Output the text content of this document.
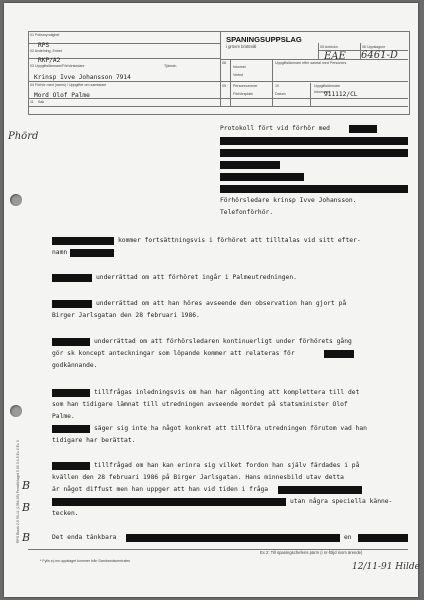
01 Polismyndighet
RPS
02 Avdelning, Enhet
RKP/A2
03 Uppgiftslämnare/Förhörsledare	Tjänste-
Krinsp Ivve Johansson 7914
04 Förhör med (namn) / Uppgifter om samtalare
Mord Olof Palme
SPANINGSUPPSLAG
i grövre brottmål	05 Anteckn	06 Uppslagsnr
EAE 6461-D
08
Inkomst
Verkst
Uppgiftslämnare efter samtal med Personers
09 Personnummer	10	Uppgiftslämnare
Förhörsplats	Datum	Inkommet
911112/CL
11 Sak
Phörd
Protokoll fört vid förhör med
Förhörsledare krinsp Ivve Johansson.
Telefonförhör.
kommer fortsättningsvis i förhöret att tilltalas vid sitt efter-
namn
underrättad om att förhöret ingår i Palmeutredningen.
underrättad om att han höres avseende den observation han gjort på
Birger Jarlsgatan den 28 februari 1986.
underrättad om att förhörsledaren kontinuerligt under förhörets gång
gör sk koncept anteckningar som löpande kommer att relateras för
godkännande.
tillfrågas inledningsvis om han har någonting att komplettera till det
som han tidigare lämnat till utredningen avseende mordet på statsminister Olof
Palme.
säger sig inte ha något konkret att tillföra utredningen förutom vad han
tidigare har berättat.
tillfrågad om han kan erinra sig vilket fordon han själv färdades i på
kvällen den 28 februari 1986 på Birger Jarlsgatan. Hans minnesbild utav detta
är något diffust men han uppger att han vid tiden i fråga
utan några speciella känne-
tecken.
Det enda tänkbara	en
B
B
B
* Fylls ej om uppslaget kommer från Sambandscentralen
Ex 2: Till spaningschefens pärm (i nr-följd inom ärende)
12/11-91 Hilde
RPS Blank 2-5 90-11 (1984-09) Fenixförlaget 5 00 3 4-5 Ex 2 Ex 3
